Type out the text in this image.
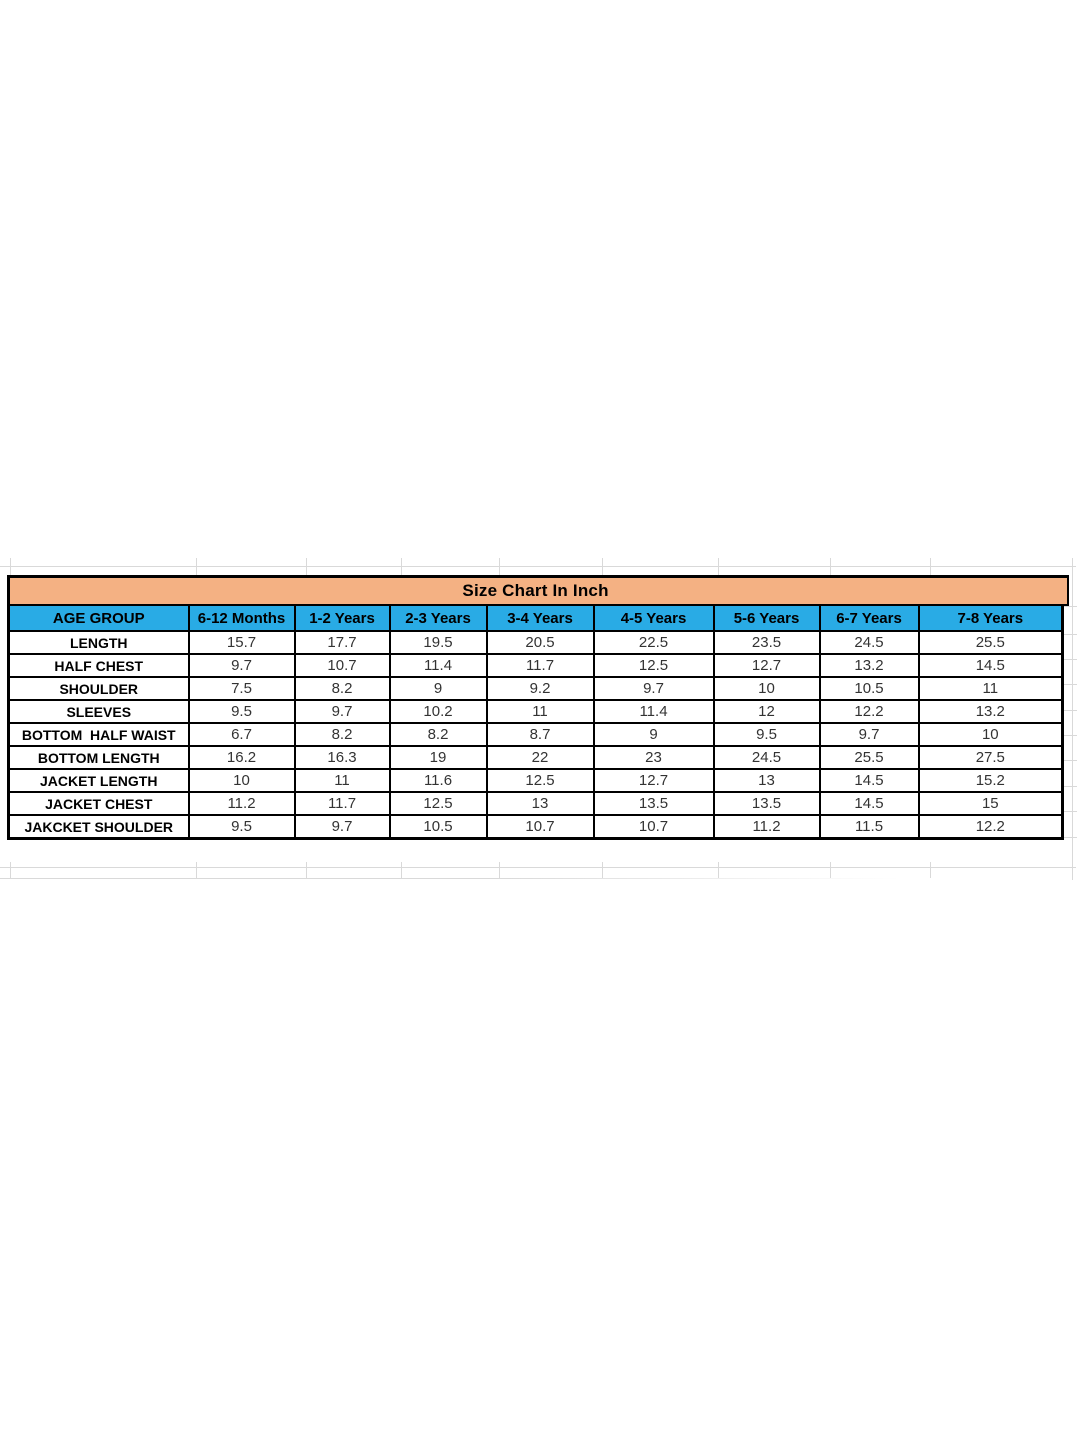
Size Chart In Inch								
AGE GROUP	6-12 Months	1-2 Years	2-3 Years	3-4 Years	4-5 Years	5-6 Years	6-7 Years	7-8 Years
LENGTH	15.7	17.7	19.5	20.5	22.5	23.5	24.5	25.5
HALF CHEST	9.7	10.7	11.4	11.7	12.5	12.7	13.2	14.5
SHOULDER	7.5	8.2	9	9.2	9.7	10	10.5	11
SLEEVES	9.5	9.7	10.2	11	11.4	12	12.2	13.2
BOTTOM  HALF WAIST	6.7	8.2	8.2	8.7	9	9.5	9.7	10
BOTTOM LENGTH	16.2	16.3	19	22	23	24.5	25.5	27.5
JACKET LENGTH	10	11	11.6	12.5	12.7	13	14.5	15.2
JACKET CHEST	11.2	11.7	12.5	13	13.5	13.5	14.5	15
JAKCKET SHOULDER	9.5	9.7	10.5	10.7	10.7	11.2	11.5	12.2
